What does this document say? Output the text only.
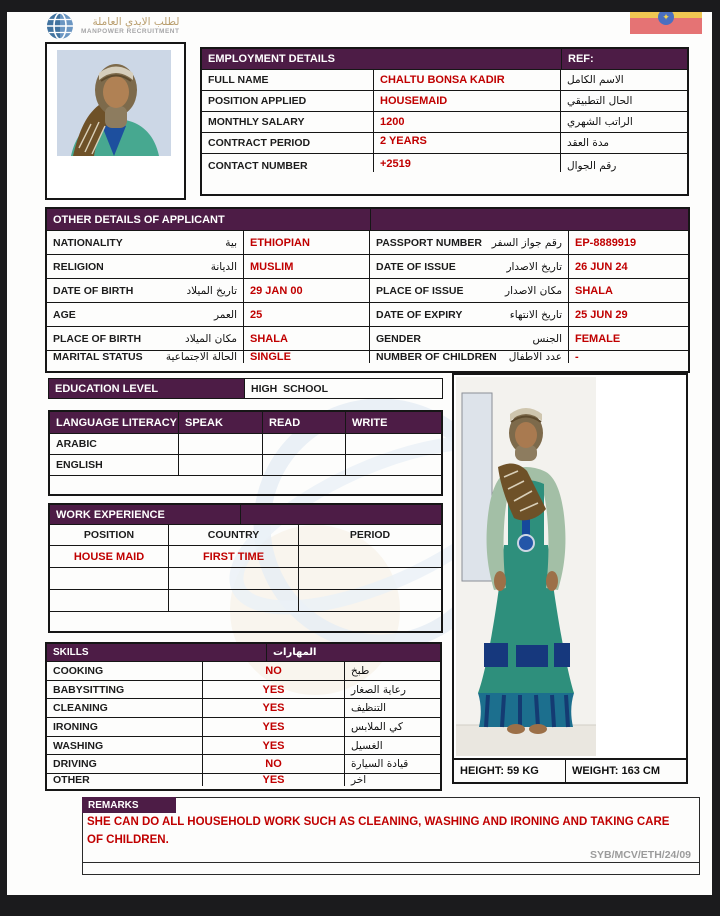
لطلب الايدي العاملة
MANPOWER RECRUITMENT
✦
EMPLOYMENT DETAILS	REF:
FULL NAME	CHALTU BONSA KADIR	الاسم الكامل
POSITION APPLIED	HOUSEMAID	الحال التطبيقي
MONTHLY SALARY	1200	الراتب الشهري
CONTRACT PERIOD	2 YEARS	مدة العقد
CONTACT NUMBER	+2519	رقم الجوال
OTHER DETAILS OF APPLICANT
NATIONALITY	بية	ETHIOPIAN	PASSPORT NUMBER رقم جواز السفر	EP-8889919
RELIGION	الديانة	MUSLIM	DATE OF ISSUE	تاريخ الاصدار	26 JUN 24
DATE OF BIRTH	تاريخ الميلاد	29 JAN 00	PLACE OF ISSUE	مكان الاصدار	SHALA
AGE	العمر	25	DATE OF EXPIRY	تاريخ الانتهاء	25 JUN 29
PLACE OF BIRTH	مكان الميلاد	SHALA	GENDER	الجنس	FEMALE
MARITAL STATUS الحالة الاجتماعية	SINGLE	NUMBER OF CHILDREN عدد الاطفال	-
EDUCATION LEVEL	HIGH  SCHOOL
LANGUAGE LITERACY SPEAK	READ	WRITE
ARABIC
ENGLISH
WORK EXPERIENCE
POSITION	COUNTRY	PERIOD
HOUSE MAID	FIRST TIME
SKILLS	المهارات
COOKING	NO	طبخ
BABYSITTING	YES	رعاية الصغار
CLEANING	YES	التنظيف
IRONING	YES	كي الملابس
WASHING	YES	الغسيل
DRIVING	NO	قيادة السيارة
OTHER	YES	اخر
HEIGHT: 59 KG	WEIGHT: 163 CM
REMARKS
SHE CAN DO ALL HOUSEHOLD WORK SUCH AS CLEANING, WASHING AND IRONING AND TAKING CARE OF CHILDREN.
SYB/MCV/ETH/24/09
